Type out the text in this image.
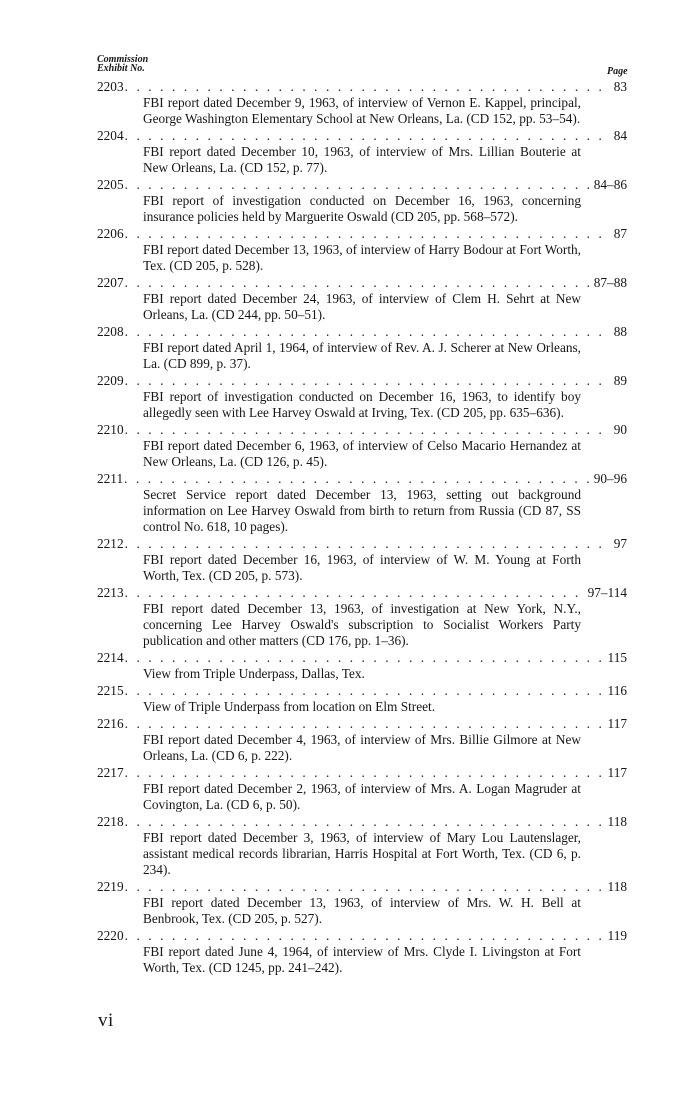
Commission
Exhibit No.	Page
2203 . . .	83
FBI report dated December 9, 1963, of interview of Vernon E. Kappel, principal, George Washington Elementary School at New Orleans, La. (CD 152, pp. 53–54).
2204 . . .	84
FBI report dated December 10, 1963, of interview of Mrs. Lillian Bouterie at New Orleans, La. (CD 152, p. 77).
2205 . . .	84–86
FBI report of investigation conducted on December 16, 1963, concerning insurance policies held by Marguerite Oswald (CD 205, pp. 568–572).
2206 . . .	87
FBI report dated December 13, 1963, of interview of Harry Bodour at Fort Worth, Tex. (CD 205, p. 528).
2207 . . .	87–88
FBI report dated December 24, 1963, of interview of Clem H. Sehrt at New Orleans, La. (CD 244, pp. 50–51).
2208 . . .	88
FBI report dated April 1, 1964, of interview of Rev. A. J. Scherer at New Orleans, La. (CD 899, p. 37).
2209 . . .	89
FBI report of investigation conducted on December 16, 1963, to identify boy allegedly seen with Lee Harvey Oswald at Irving, Tex. (CD 205, pp. 635–636).
2210 . . .	90
FBI report dated December 6, 1963, of interview of Celso Macario Hernandez at New Orleans, La. (CD 126, p. 45).
2211 . . .	90–96
Secret Service report dated December 13, 1963, setting out background information on Lee Harvey Oswald from birth to return from Russia (CD 87, SS control No. 618, 10 pages).
2212 . . .	97
FBI report dated December 16, 1963, of interview of W. M. Young at Forth Worth, Tex. (CD 205, p. 573).
2213 . . .	97–114
FBI report dated December 13, 1963, of investigation at New York, N.Y., concerning Lee Harvey Oswald's subscription to Socialist Workers Party publication and other matters (CD 176, pp. 1–36).
2214 . . .	115
View from Triple Underpass, Dallas, Tex.
2215 . . .	116
View of Triple Underpass from location on Elm Street.
2216 . . .	117
FBI report dated December 4, 1963, of interview of Mrs. Billie Gilmore at New Orleans, La. (CD 6, p. 222).
2217 . . .	117
FBI report dated December 2, 1963, of interview of Mrs. A. Logan Magruder at Covington, La. (CD 6, p. 50).
2218 . . .	118
FBI report dated December 3, 1963, of interview of Mary Lou Lautenslager, assistant medical records librarian, Harris Hospital at Fort Worth, Tex. (CD 6, p. 234).
2219 . . .	118
FBI report dated December 13, 1963, of interview of Mrs. W. H. Bell at Benbrook, Tex. (CD 205, p. 527).
2220 . . .	119
FBI report dated June 4, 1964, of interview of Mrs. Clyde I. Livingston at Fort Worth, Tex. (CD 1245, pp. 241–242).
vi
